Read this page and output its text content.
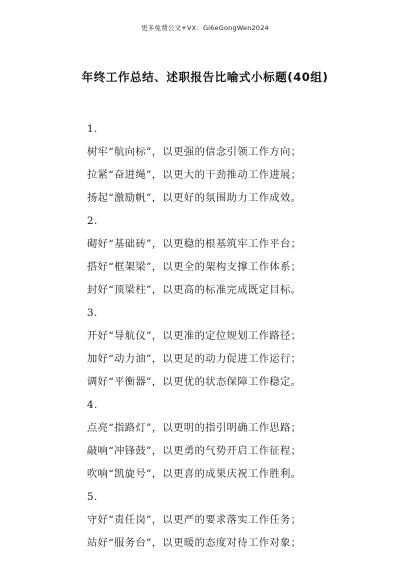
更多免费公文+VX：Gi6eGongWen2024
年终工作总结、述职报告比喻式小标题(40组)
1.
树牢“航向标”，以更强的信念引领工作方向；
拉紧“奋进绳”，以更大的干劲推动工作进展；
扬起“激励帆”，以更好的氛围助力工作成效。
2.
砌好“基础砖”，以更稳的根基筑牢工作平台；
搭好“框架梁”，以更全的架构支撑工作体系；
封好“顶梁柱”，以更高的标准完成既定目标。
3.
开好“导航仪”，以更准的定位规划工作路径；
加好“动力油”，以更足的动力促进工作运行；
调好“平衡器”，以更优的状态保障工作稳定。
4.
点亮“指路灯”，以更明的指引明确工作思路；
敲响“冲锋鼓”，以更勇的气势开启工作征程；
吹响“凯旋号”，以更喜的成果庆祝工作胜利。
5.
守好“责任岗”，以更严的要求落实工作任务；
站好“服务台”，以更暖的态度对待工作对象；
